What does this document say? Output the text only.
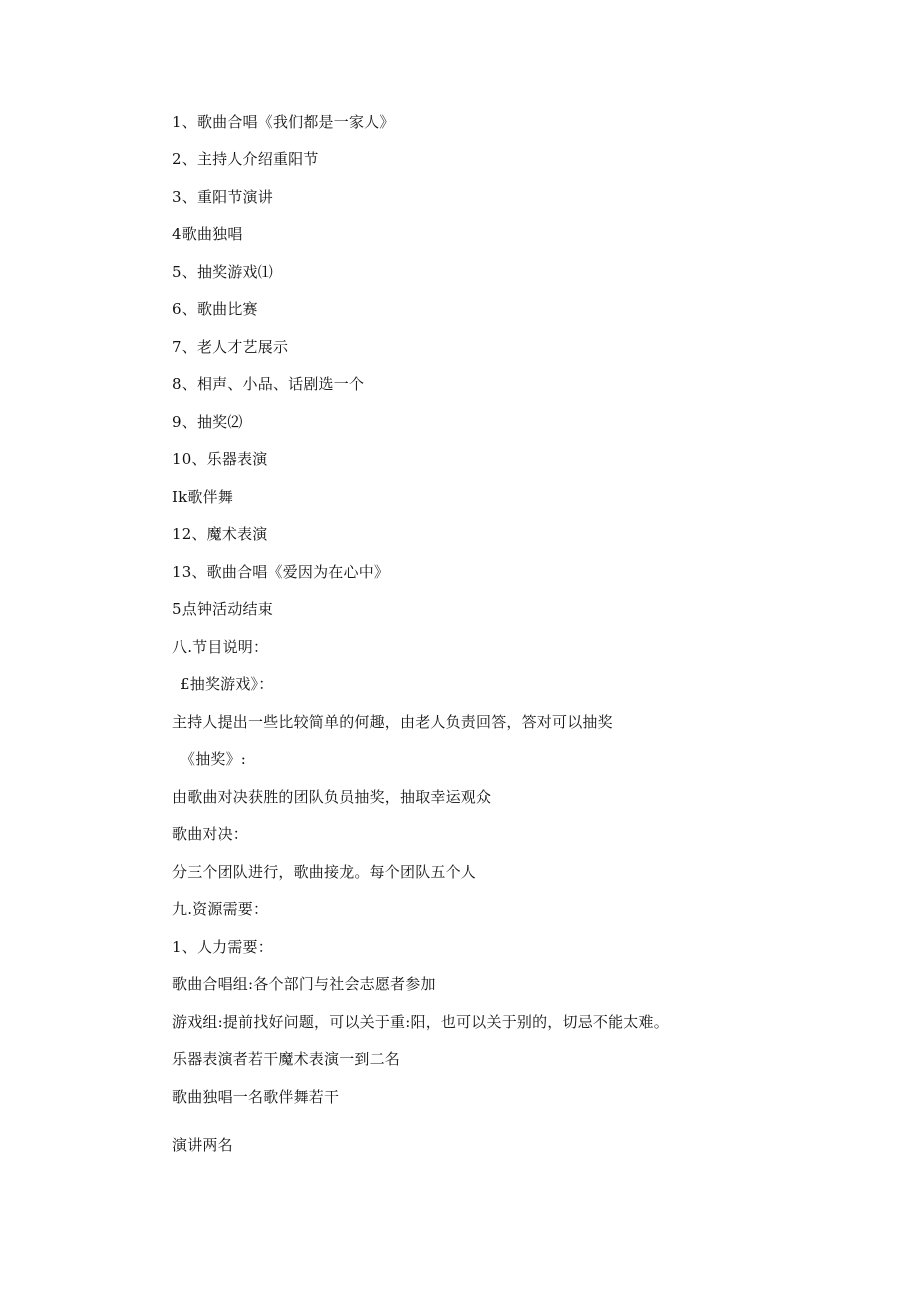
1、歌曲合唱《我们都是一家人》
2、主持人介绍重阳节
3、重阳节演讲
4歌曲独唱
5、抽奖游戏⑴
6、歌曲比赛
7、老人才艺展示
8、相声、小品、话剧选一个
9、抽奖⑵
10、乐器表演
Ik歌伴舞
12、魔术表演
13、歌曲合唱《爱因为在心中》
5点钟活动结束
八.节目说明：
£抽奖游戏》：
主持人提出一些比较简单的何趣，由老人负责回答，答对可以抽奖
《抽奖》:
由歌曲对决获胜的团队负员抽奖，抽取幸运观众
歌曲对决：
分三个团队进行，歌曲接龙。每个团队五个人
九.资源需要：
1、人力需要：
歌曲合唱组:各个部门与社会志愿者参加
游戏组:提前找好问题，可以关于重:阳，也可以关于别的，切忌不能太难。
乐器表演者若干魔术表演一到二名
歌曲独唱一名歌伴舞若干
演讲两名
